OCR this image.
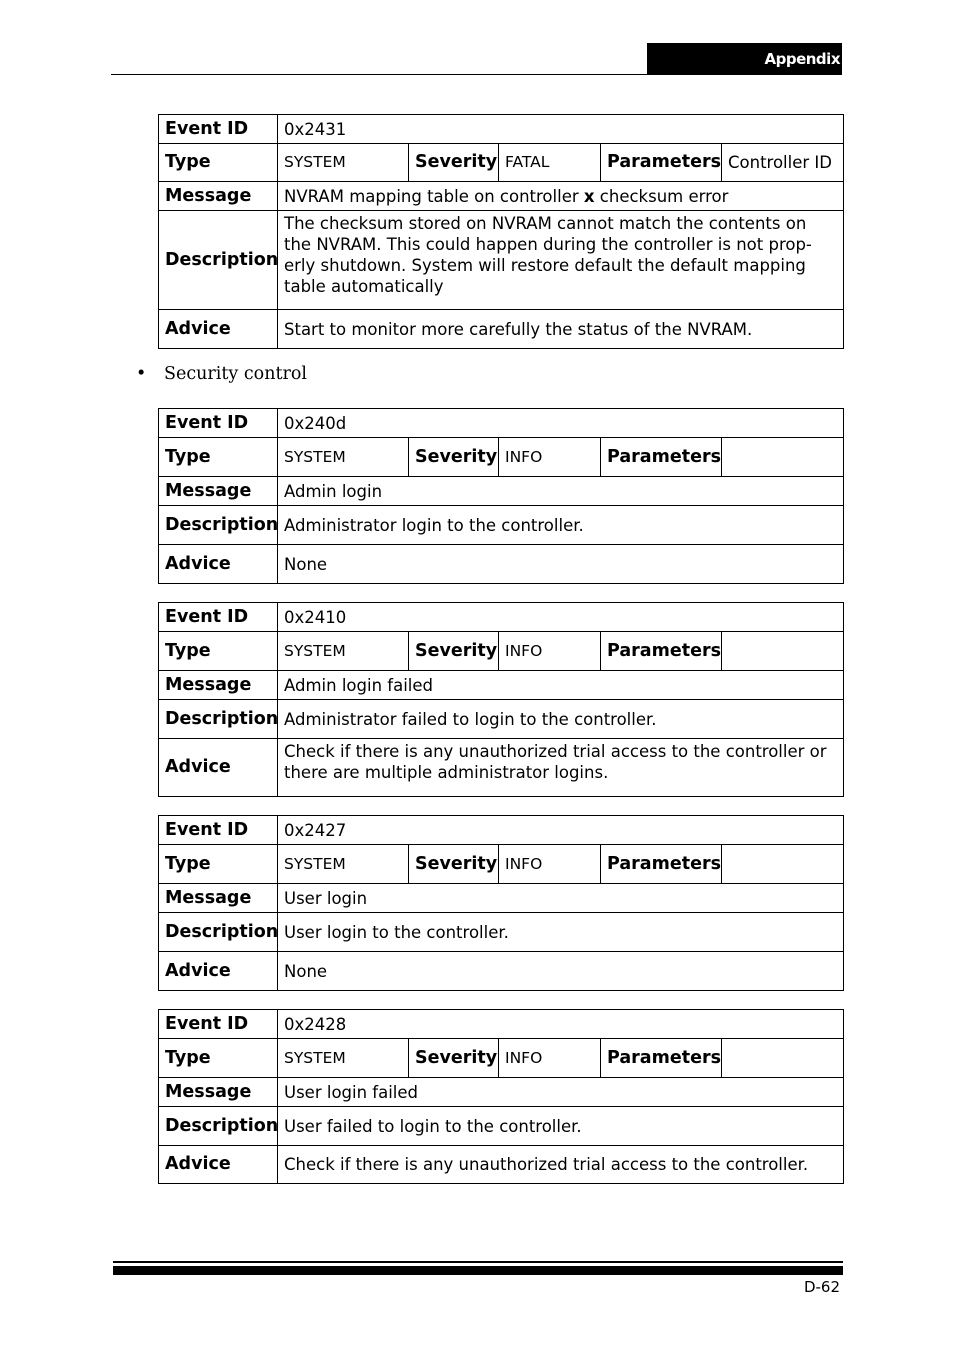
Appendix
Event ID	0x2431				
Type	SYSTEM	Severity	FATAL	Parameters	Controller ID
Message	NVRAM mapping table on controller x checksum error				
Description	The checksum stored on NVRAM cannot match the contents on the NVRAM. This could happen during the controller is not prop-erly shutdown. System will restore default the default mapping table automatically				
Advice	Start to monitor more carefully the status of the NVRAM.				
• Security control
Event ID	0x240d				
Type	SYSTEM	Severity	INFO	Parameters	
Message	Admin login				
Description	Administrator login to the controller.				
Advice	None				
Event ID	0x2410				
Type	SYSTEM	Severity	INFO	Parameters	
Message	Admin login failed				
Description	Administrator failed to login to the controller.				
Advice	Check if there is any unauthorized trial access to the controller or there are multiple administrator logins.				
Event ID	0x2427				
Type	SYSTEM	Severity	INFO	Parameters	
Message	User login				
Description	User login to the controller.				
Advice	None				
Event ID	0x2428				
Type	SYSTEM	Severity	INFO	Parameters	
Message	User login failed				
Description	User failed to login to the controller.				
Advice	Check if there is any unauthorized trial access to the controller.				
D-62
